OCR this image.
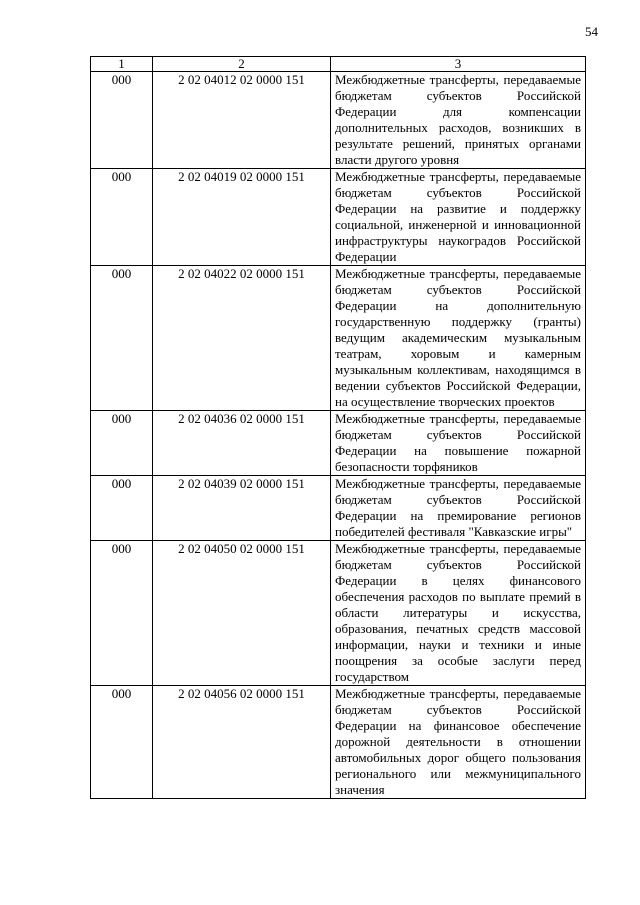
54
1	2	3
000	2 02 04012 02 0000 151	Межбюджетные трансферты, передаваемые бюджетам субъектов Российской Федерации для компенсации дополнительных расходов, возникших в результате решений, принятых органами власти другого уровня
000	2 02 04019 02 0000 151	Межбюджетные трансферты, передаваемые бюджетам субъектов Российской Федерации на развитие и поддержку социальной, инженерной и инновационной инфраструктуры наукоградов Российской Федерации
000	2 02 04022 02 0000 151	Межбюджетные трансферты, передаваемые бюджетам субъектов Российской Федерации на дополнительную государственную поддержку (гранты) ведущим академическим музыкальным театрам, хоровым и камерным музыкальным коллективам, находящимся в ведении субъектов Российской Федерации, на осуществление творческих проектов
000	2 02 04036 02 0000 151	Межбюджетные трансферты, передаваемые бюджетам субъектов Российской Федерации на повышение пожарной безопасности торфяников
000	2 02 04039 02 0000 151	Межбюджетные трансферты, передаваемые бюджетам субъектов Российской Федерации на премирование регионов победителей фестиваля "Кавказские игры"
000	2 02 04050 02 0000 151	Межбюджетные трансферты, передаваемые бюджетам субъектов Российской Федерации в целях финансового обеспечения расходов по выплате премий в области литературы и искусства, образования, печатных средств массовой информации, науки и техники и иные поощрения за особые заслуги перед государством
000	2 02 04056 02 0000 151	Межбюджетные трансферты, передаваемые бюджетам субъектов Российской Федерации на финансовое обеспечение дорожной деятельности в отношении автомобильных дорог общего пользования регионального или межмуниципального значения
